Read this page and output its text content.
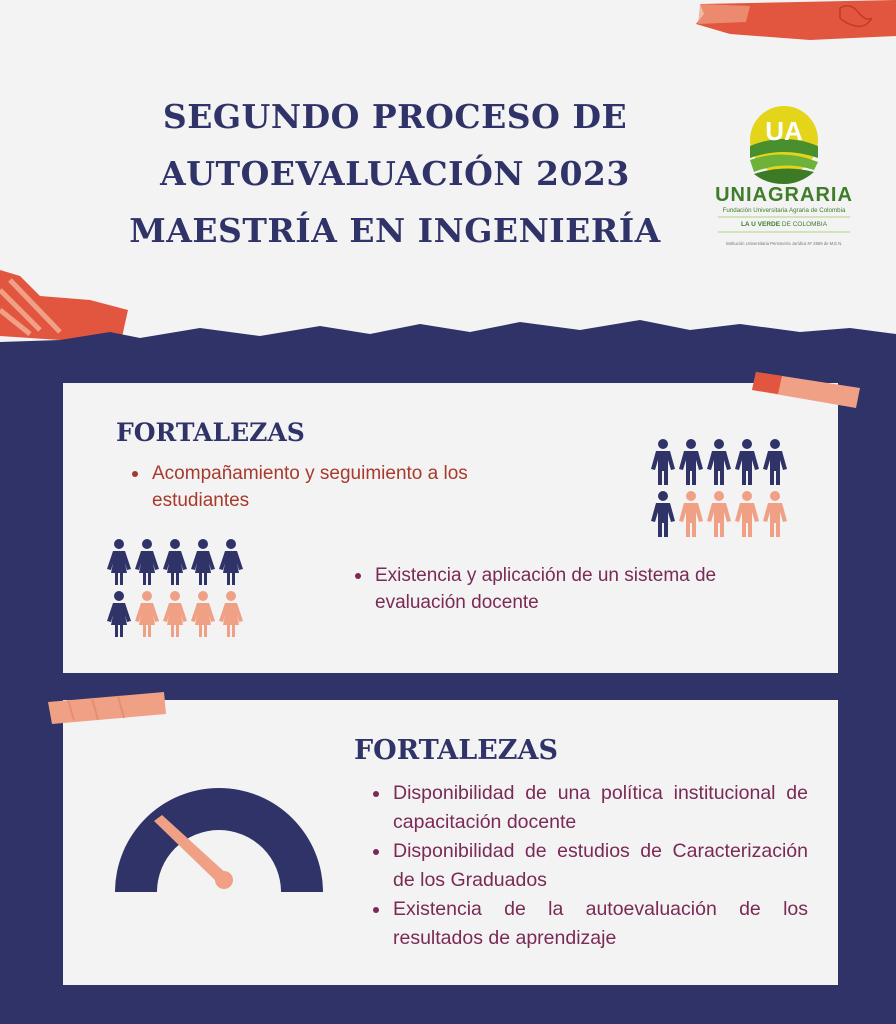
SEGUNDO PROCESO DE
AUTOEVALUACIÓN 2023
MAESTRÍA EN INGENIERÍA
UA
UNIAGRARIA
Fundación Universitaria Agraria de Colombia
LA U VERDE DE COLOMBIA
Institución Universitaria Personería Jurídica Nº 2559 de M.E.N.
FORTALEZAS
Acompañamiento y seguimiento a los estudiantes
Existencia y aplicación de un sistema de evaluación docente
FORTALEZAS
Disponibilidad de una política institucional de capacitación docente
Disponibilidad de estudios de Caracterización de los Graduados
Existencia de la autoevaluación de los resultados de aprendizaje
